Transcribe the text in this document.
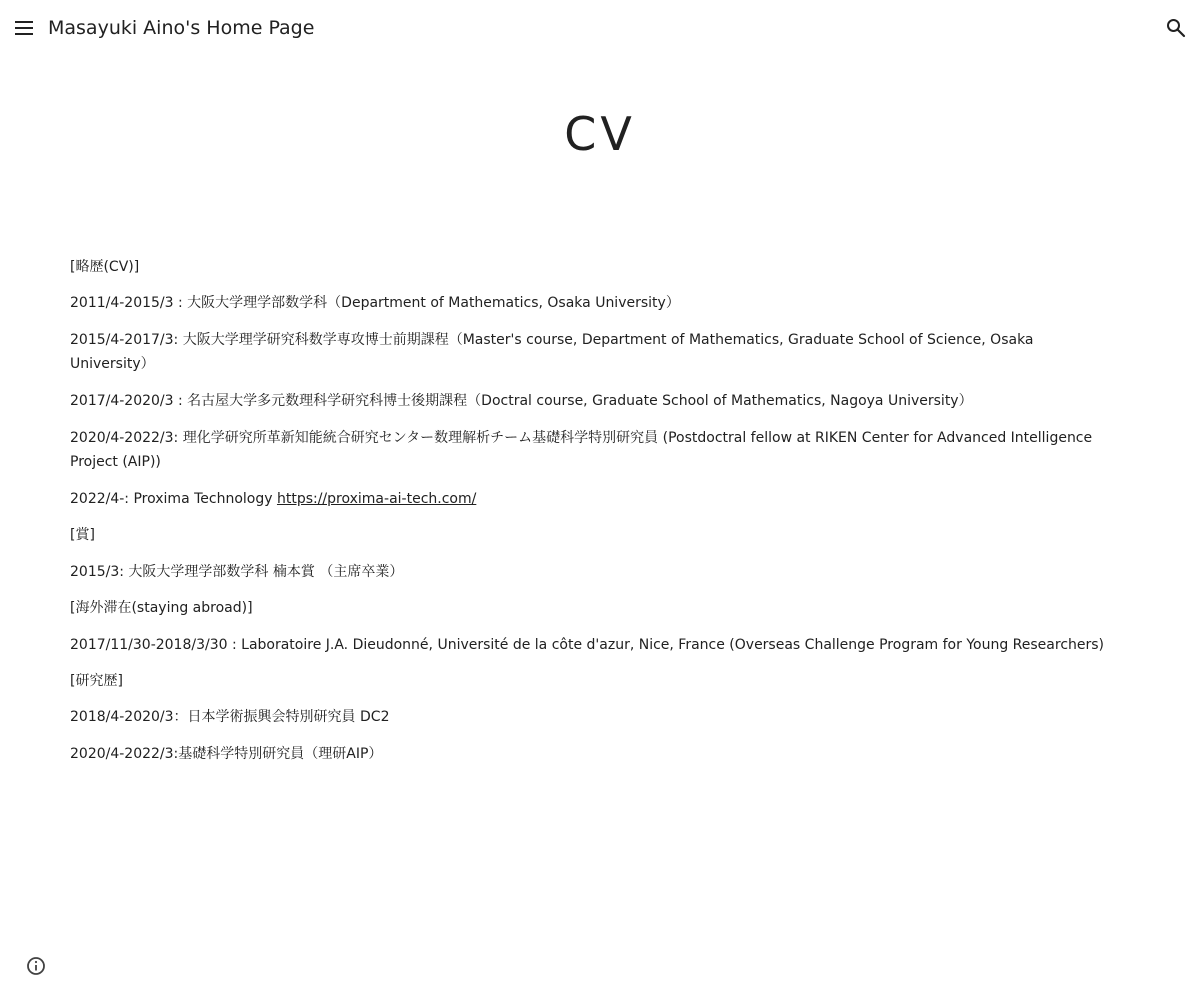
Masayuki Aino's Home Page
CV

[略歴(CV)]

2011/4-2015/3 : 大阪大学理学部数学科（Department of Mathematics, Osaka University）

2015/4-2017/3: 大阪大学理学研究科数学専攻博士前期課程（Master's course, Department of Mathematics, Graduate School of Science, Osaka University）

2017/4-2020/3 : 名古屋大学多元数理科学研究科博士後期課程（Doctral course, Graduate School of Mathematics, Nagoya University）

2020/4-2022/3: 理化学研究所革新知能統合研究センター数理解析チーム基礎科学特別研究員 (Postdoctral fellow at RIKEN Center for Advanced Intelligence Project (AIP))

2022/4-: Proxima Technology https://proxima-ai-tech.com/

[賞]

2015/3: 大阪大学理学部数学科 楠本賞 （主席卒業）

[海外滞在(staying abroad)]

2017/11/30-2018/3/30 : Laboratoire J.A. Dieudonné, Université de la côte d'azur, Nice, France (Overseas Challenge Program for Young Researchers)

[研究歴]

2018/4-2020/3：日本学術振興会特別研究員 DC2

2020/4-2022/3:基礎科学特別研究員（理研AIP）
